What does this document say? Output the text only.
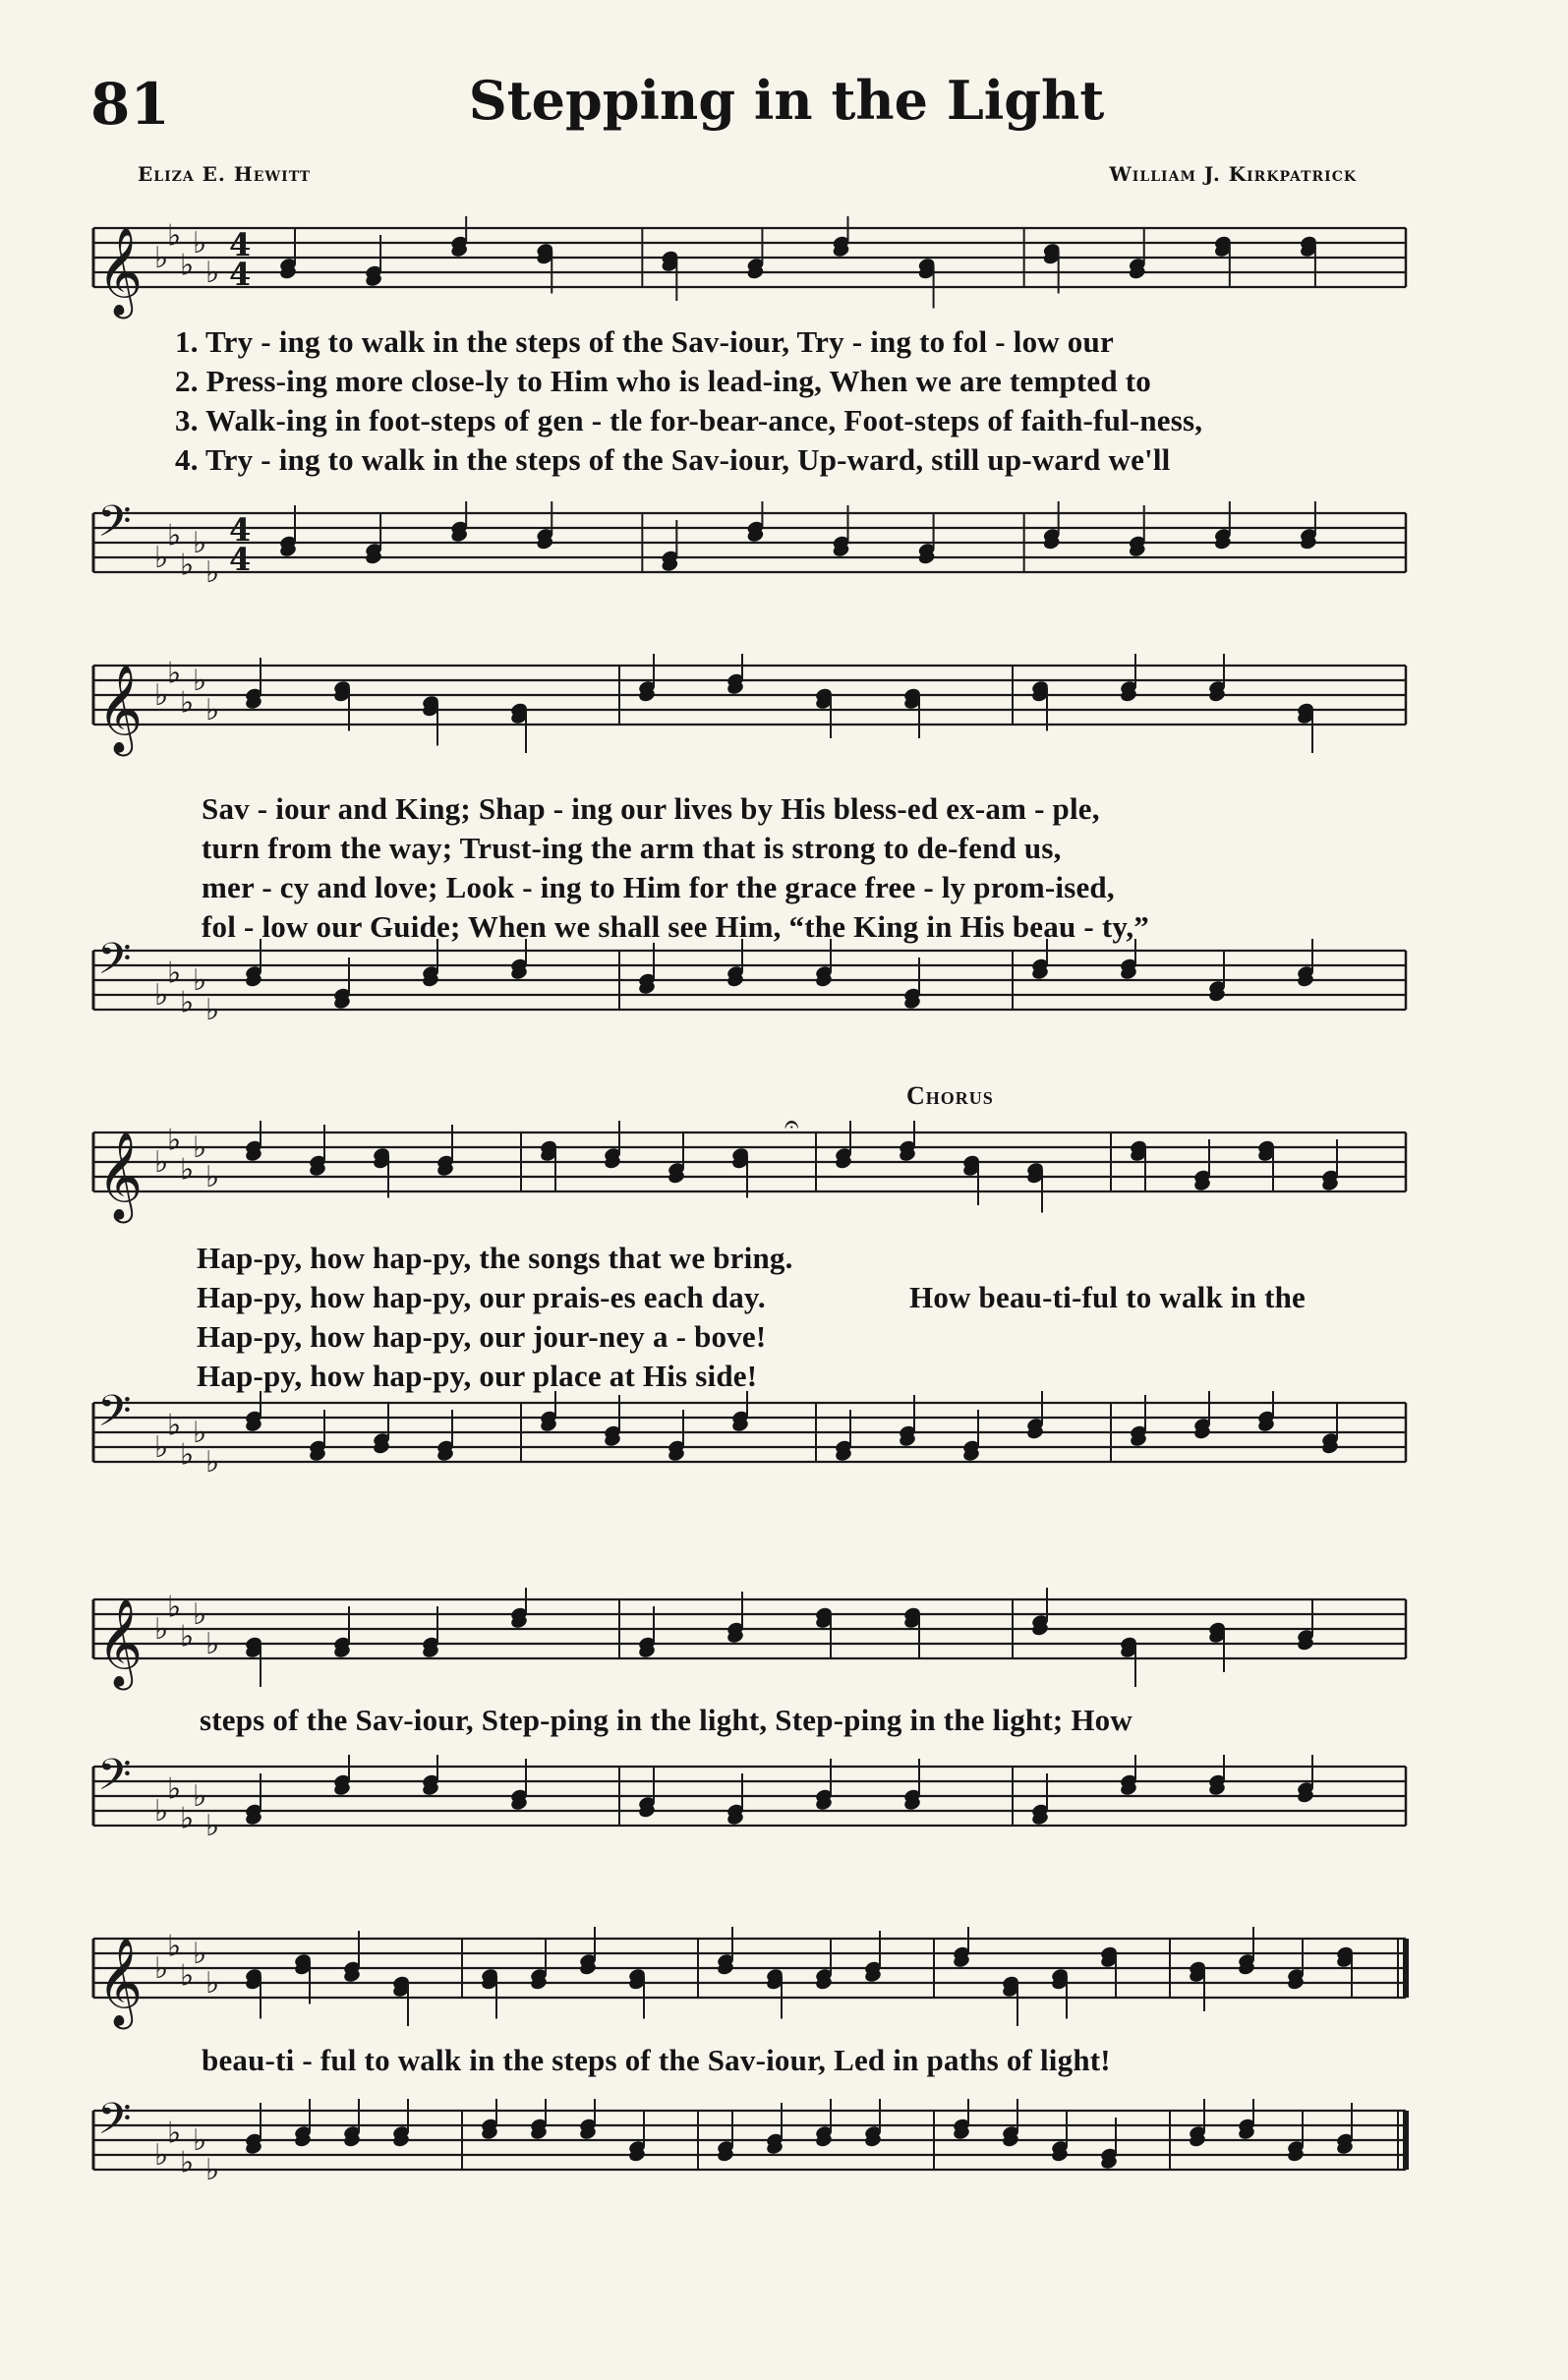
81	Stepping in the Light
Eliza E. Hewitt	William J. Kirkpatrick
𝄞 ♭
♭
♭
♭
♭
4
4
𝄢
♭
♭
♭
♭
♭
4
4
1. Try - ing to walk in the steps of the Sav-iour, Try - ing to fol - low our
2. Press-ing more close-ly to Him who is lead-ing, When we are tempted to
3. Walk-ing in foot-steps of gen - tle for-bear-ance, Foot-steps of faith-ful-ness,
4. Try - ing to walk in the steps of the Sav-iour, Up-ward, still up-ward we'll
𝄞 ♭
♭
♭
♭
♭
𝄢
♭
♭
♭
♭
♭
Sav - iour and King; Shap - ing our lives by His bless-ed ex-am - ple,
turn from the way; Trust-ing the arm that is strong to de-fend us,
mer - cy and love; Look - ing to Him for the grace free - ly prom-ised,
fol - low our Guide; When we shall see Him, “the King in His beau - ty,”
Chorus
𝄞 ♭
♭
♭
♭
♭
𝄐
𝄢
♭
♭
♭
♭
♭
Hap-py, how hap-py, the songs that we bring.
Hap-py, how hap-py, our prais-es each day.
Hap-py, how hap-py, our jour-ney a - bove!
Hap-py, how hap-py, our place at His side!
How beau-ti-ful to walk in the
𝄞 ♭
♭
♭
♭
♭
𝄢
♭
♭
♭
♭
♭
steps of the Sav-iour, Step-ping in the light, Step-ping in the light; How
𝄞 ♭
♭
♭
♭
♭
𝄢
♭
♭
♭
♭
♭
beau-ti - ful to walk in the steps of the Sav-iour, Led in paths of light!
